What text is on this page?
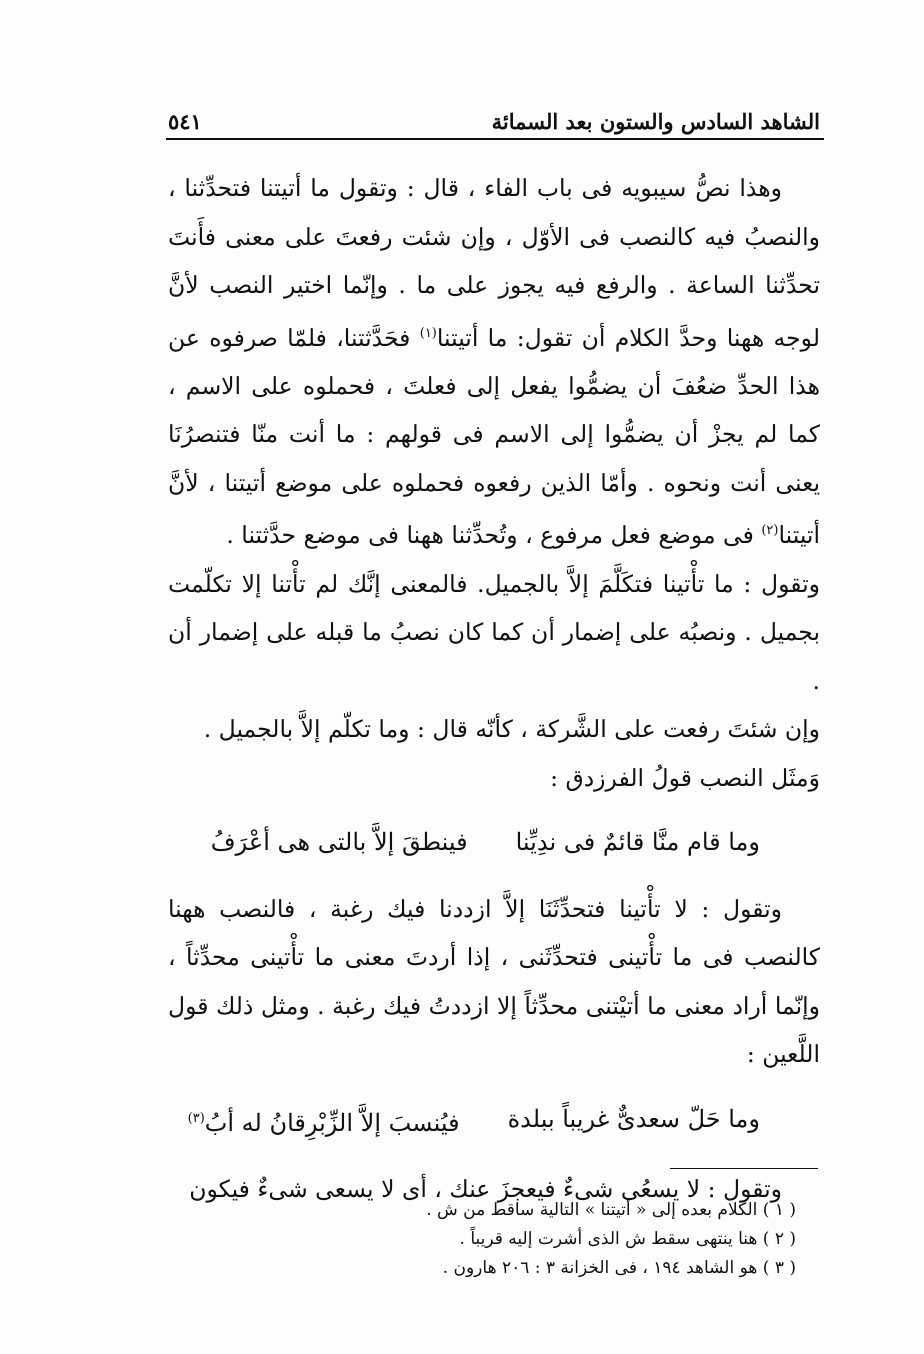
الشاهد السادس والستون بعد السمائة
٥٤١

وهذا نصُّ سيبويه فى باب الفاء ، قال : وتقول ما أتيتنا فتحدِّثنا ، والنصبُ فيه كالنصب فى الأوّل ، وإن شئت رفعتَ على معنى فأَنتَ تحدِّثنا الساعة . والرفع فيه يجوز على ما . وإنّما اختير النصب لأنَّ لوجه ههنا وحدَّ الكلام أن تقول: ما أتيتنا$^{(١)}$ فحَدَّثتنا، فلمّا صرفوه عن هذا الحدِّ ضعُفَ أن يضمُّوا يفعل إلى فعلتَ ، فحملوه على الاسم ، كما لم يجزْ أن يضمُّوا إلى الاسم فى قولهم : ما أنت منّا فتنصرُنَا يعنى أنت ونحوه . وأمّا الذين رفعوه فحملوه على موضع أتيتنا ، لأنَّ أتيتنا$^{(٢)}$ فى موضع فعل مرفوع ، وتُحدِّثنا ههنا فى موضع حدَّثتنا .

وتقول : ما تأْتينا فتكَلَّمَ إلاَّ بالجميل. فالمعنى إنَّك لم تأْتنا إلا تكلّمت بجميل . ونصبُه على إضمار أن كما كان نصبُ ما قبله على إضمار أن .

وإن شئتَ رفعت على الشَّركة ، كأنّه قال : وما تكلّم إلاَّ بالجميل .

وَمثَل النصب قولُ الفرزدق :

وما قام منَّا قائمٌ فى ندِيِّنا
فينطقَ إلاَّ بالتى هى أعْرَفُ

وتقول : لا تأْتينا فتحدِّثَنَا إلاَّ ازددنا فيك رغبة ، فالنصب ههنا كالنصب فى ما تأْتينى فتحدِّثَنى ، إذا أردتَ معنى ما تأْتينى محدِّثاً ، وإنّما أراد معنى ما أتيْتنى محدِّثاً إلا ازددتُ فيك رغبة . ومثل ذلك قول اللَّعين :

وما حَلّ سعدىٌّ غريباً ببلدة
فيُنسبَ إلاَّ الزِّبْرِقانُ له أبُ$^{(٣)}$

وتقول : لا يسعُى شىءٌ فيعجزَ عنك ، أى لا يسعى شىءٌ فيكون

( ١ ) الكلام بعده إلى « أتيتنا » التالية ساقط من ش .
( ٢ ) هنا ينتهى سقط ش الذى أشرت إليه قريباً .
( ٣ ) هو الشاهد ١٩٤ ، فى الخزانة ٣ : ٢٠٦ هارون .
